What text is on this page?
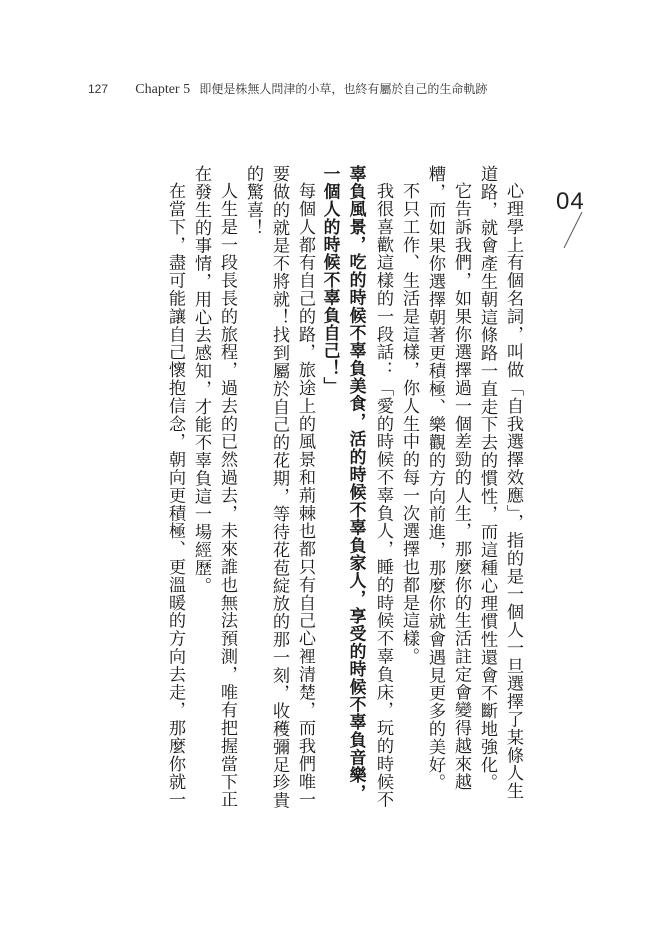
127 Chapter 5 即便是株無人問津的小草，也終有屬於自己的生命軌跡
04
心理學上有個名詞，叫做「自我選擇效應」，指的是一個人一旦選擇了某條人生
道路，就會產生朝這條路一直走下去的慣性，而這種心理慣性還會不斷地強化。
它告訴我們，如果你選擇過一個差勁的人生，那麼你的生活註定會變得越來越
糟，而如果你選擇朝著更積極、樂觀的方向前進，那麼你就會遇見更多的美好。
不只工作、生活是這樣，你人生中的每一次選擇也都是這樣。
我很喜歡這樣的一段話：「愛的時候不辜負人，睡的時候不辜負床，玩的時候不
辜負風景，吃的時候不辜負美食，活的時候不辜負家人，享受的時候不辜負音樂，
一個人的時候不辜負自己！」
每個人都有自己的路，旅途上的風景和荊棘也都只有自己心裡清楚，而我們唯一
要做的就是不將就！找到屬於自己的花期，等待花苞綻放的那一刻，收穫彌足珍貴
的驚喜！
人生是一段長長的旅程，過去的已然過去，未來誰也無法預測，唯有把握當下正
在發生的事情，用心去感知，才能不辜負這一場經歷。
在當下，盡可能讓自己懷抱信念，朝向更積極、更溫暖的方向去走，那麼你就一
